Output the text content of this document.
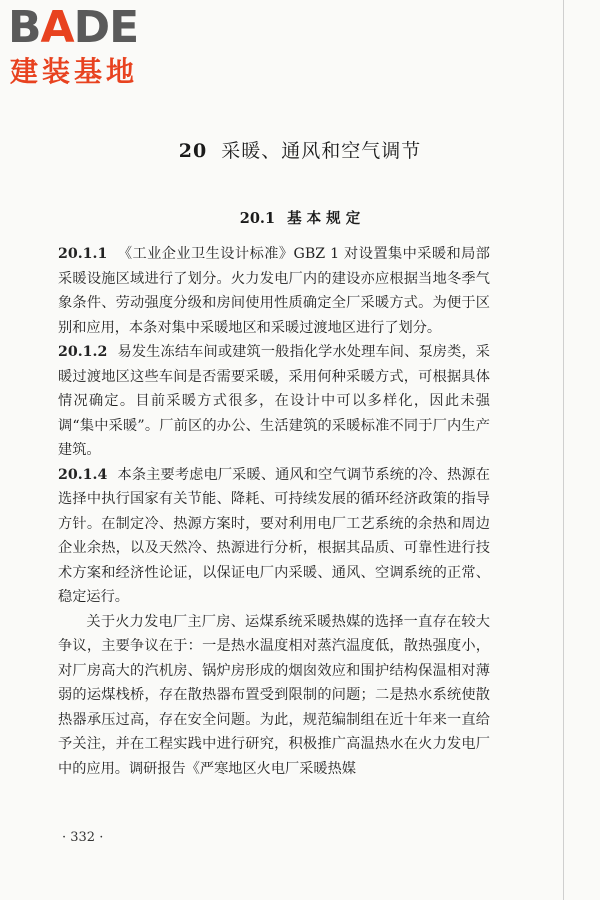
BADE
建装基地
20 采暖、通风和空气调节
20.1 基 本 规 定

20.1.1 《工业企业卫生设计标准》GBZ 1 对设置集中采暖和局部采暖设施区域进行了划分。火力发电厂内的建设亦应根据当地冬季气象条件、劳动强度分级和房间使用性质确定全厂采暖方式。为便于区别和应用，本条对集中采暖地区和采暖过渡地区进行了划分。

20.1.2 易发生冻结车间或建筑一般指化学水处理车间、泵房类，采暖过渡地区这些车间是否需要采暖，采用何种采暖方式，可根据具体情况确定。目前采暖方式很多，在设计中可以多样化，因此未强调“集中采暖”。厂前区的办公、生活建筑的采暖标准不同于厂内生产建筑。

20.1.4 本条主要考虑电厂采暖、通风和空气调节系统的冷、热源在选择中执行国家有关节能、降耗、可持续发展的循环经济政策的指导方针。在制定冷、热源方案时，要对利用电厂工艺系统的余热和周边企业余热，以及天然冷、热源进行分析，根据其品质、可靠性进行技术方案和经济性论证，以保证电厂内采暖、通风、空调系统的正常、稳定运行。

关于火力发电厂主厂房、运煤系统采暖热媒的选择一直存在较大争议，主要争议在于：一是热水温度相对蒸汽温度低，散热强度小，对厂房高大的汽机房、锅炉房形成的烟囱效应和围护结构保温相对薄弱的运煤栈桥，存在散热器布置受到限制的问题；二是热水系统使散热器承压过高，存在安全问题。为此，规范编制组在近十年来一直给予关注，并在工程实践中进行研究，积极推广高温热水在火力发电厂中的应用。调研报告《严寒地区火电厂采暖热媒

· 332 ·
